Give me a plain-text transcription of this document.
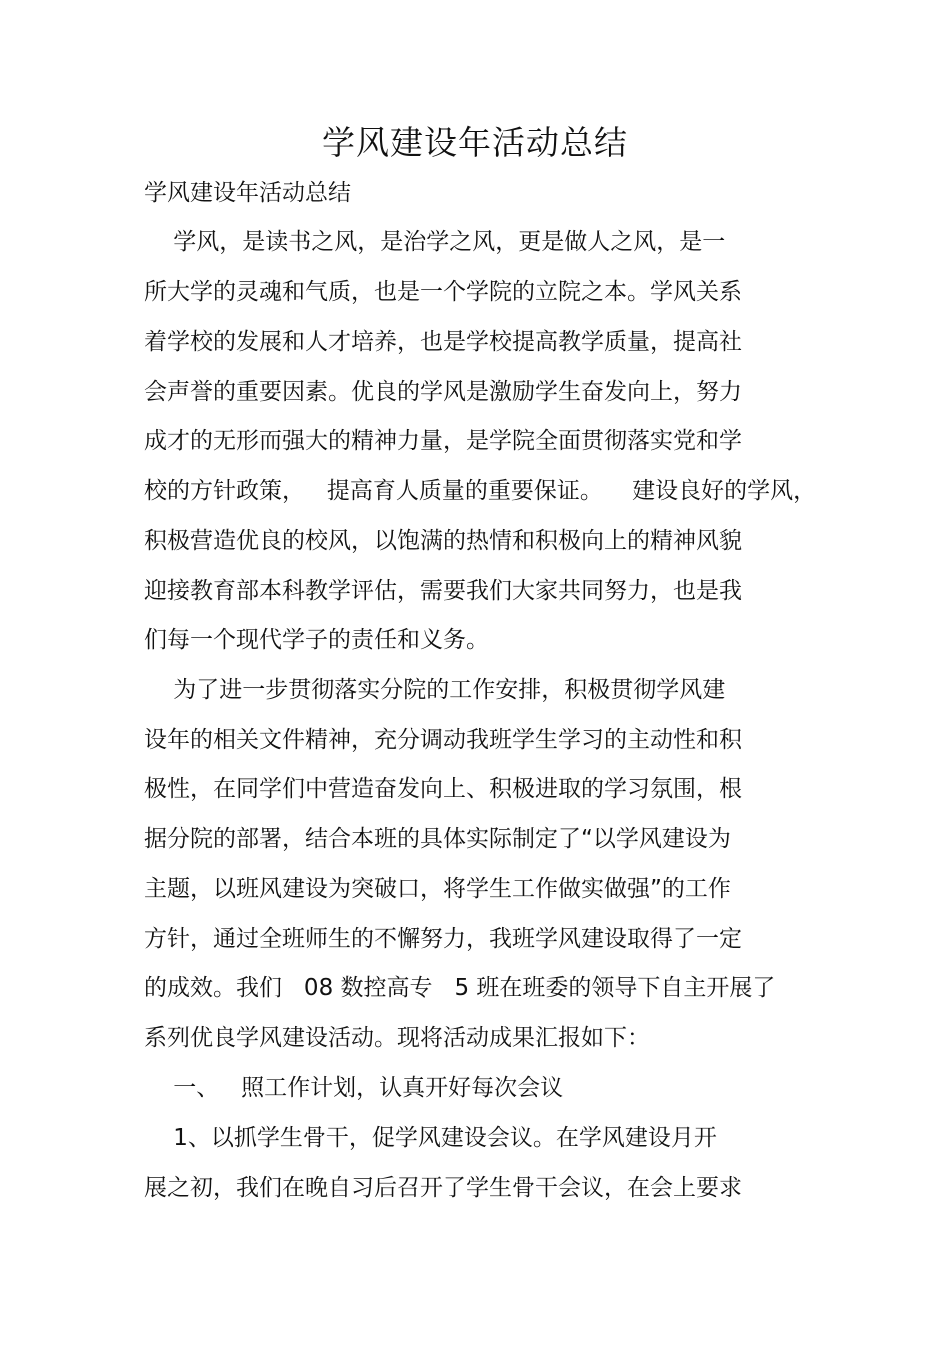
学风建设年活动总结

学风建设年活动总结

学风，是读书之风，是治学之风，更是做人之风，是一

所大学的灵魂和气质，也是一个学院的立院之本。学风关系

着学校的发展和人才培养，也是学校提高教学质量，提高社

会声誉的重要因素。优良的学风是激励学生奋发向上，努力

成才的无形而强大的精神力量，是学院全面贯彻落实党和学

校的方针政策，   提高育人质量的重要保证。    建设良好的学风，

积极营造优良的校风，以饱满的热情和积极向上的精神风貌

迎接教育部本科教学评估，需要我们大家共同努力，也是我

们每一个现代学子的责任和义务。

为了进一步贯彻落实分院的工作安排，积极贯彻学风建

设年的相关文件精神，充分调动我班学生学习的主动性和积

极性，在同学们中营造奋发向上、积极进取的学习氛围，根

据分院的部署，结合本班的具体实际制定了“以学风建设为

主题，以班风建设为突破口，将学生工作做实做强”的工作

方针，通过全班师生的不懈努力，我班学风建设取得了一定

的成效。我们   08 数控高专   5 班在班委的领导下自主开展了

系列优良学风建设活动。现将活动成果汇报如下：

一、   照工作计划，认真开好每次会议

1、以抓学生骨干，促学风建设会议。在学风建设月开

展之初，我们在晚自习后召开了学生骨干会议，在会上要求
